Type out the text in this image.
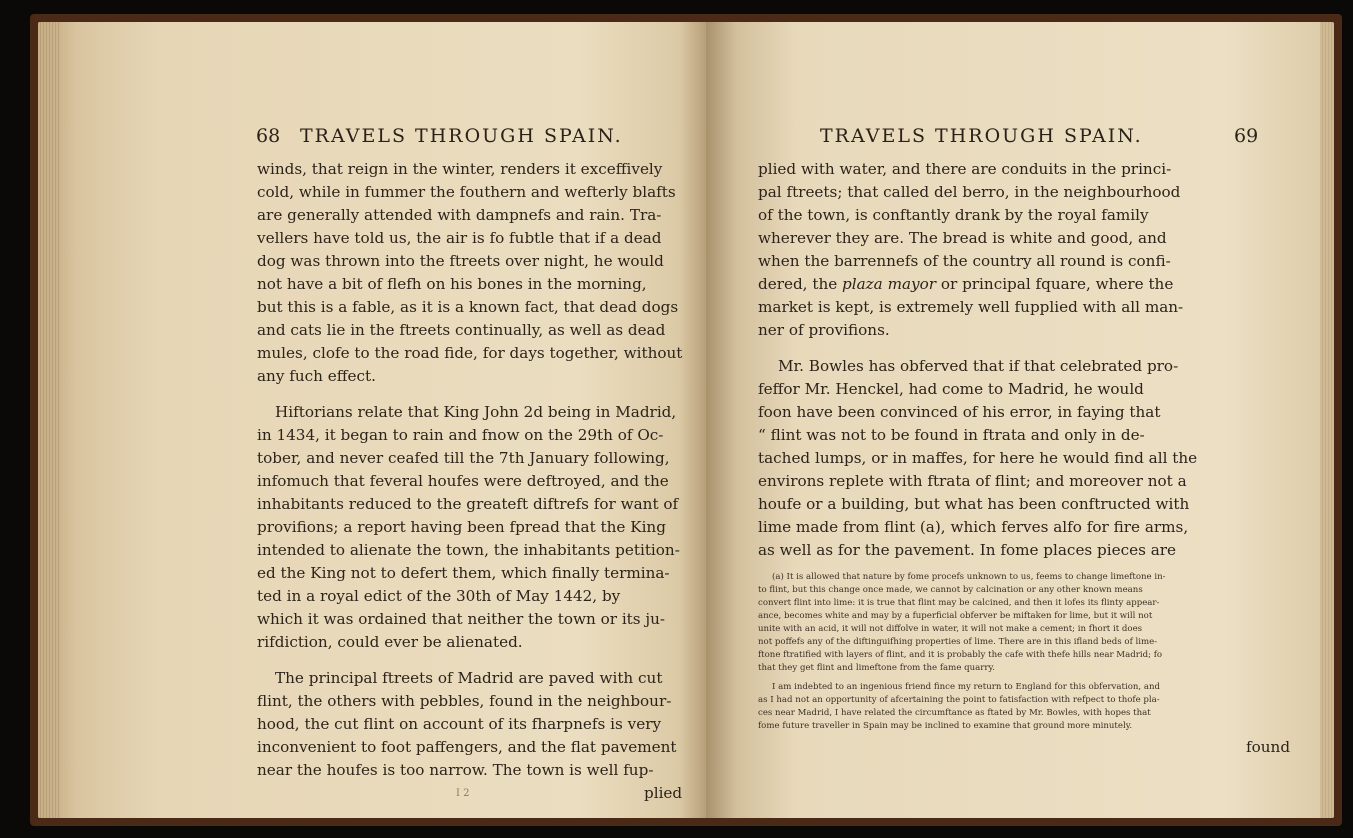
68 TRAVELS THROUGH SPAIN.
winds, that reign in the winter, renders it exceffively
cold, while in fummer the fouthern and wefterly blafts
are generally attended with dampnefs and rain. Tra-
vellers have told us, the air is fo fubtle that if a dead
dog was thrown into the ftreets over night, he would
not have a bit of flefh on his bones in the morning,
but this is a fable, as it is a known fact, that dead dogs
and cats lie in the ftreets continually, as well as dead
mules, clofe to the road fide, for days together, without
any fuch effect.
Hiftorians relate that King John 2d being in Madrid,
in 1434, it began to rain and fnow on the 29th of Oc-
tober, and never ceafed till the 7th January following,
infomuch that feveral houfes were deftroyed, and the
inhabitants reduced to the greateft diftrefs for want of
provifions; a report having been fpread that the King
intended to alienate the town, the inhabitants petition-
ed the King not to defert them, which finally termina-
ted in a royal edict of the 30th of May 1442, by
which it was ordained that neither the town or its ju-
rifdiction, could ever be alienated.
The principal ftreets of Madrid are paved with cut
flint, the others with pebbles, found in the neighbour-
hood, the cut flint on account of its fharpnefs is very
inconvenient to foot paffengers, and the flat pavement
near the houfes is too narrow. The town is well fup-
I 2	plied
TRAVELS THROUGH SPAIN.	69
plied with water, and there are conduits in the princi-
pal ftreets; that called del berro, in the neighbourhood
of the town, is conftantly drank by the royal family
wherever they are. The bread is white and good, and
when the barrennefs of the country all round is confi-
dered, the plaza mayor or principal fquare, where the
market is kept, is extremely well fupplied with all man-
ner of provifions.
Mr. Bowles has obferved that if that celebrated pro-
feffor Mr. Henckel, had come to Madrid, he would
foon have been convinced of his error, in faying that
“ flint was not to be found in ftrata and only in de-
tached lumps, or in maffes, for here he would find all the
environs replete with ftrata of flint; and moreover not a
houfe or a building, but what has been conftructed with
lime made from flint (a), which ferves alfo for fire arms,
as well as for the pavement. In fome places pieces are
(a) It is allowed that nature by fome procefs unknown to us, feems to change limeftone in-
to flint, but this change once made, we cannot by calcination or any other known means
convert flint into lime: it is true that flint may be calcined, and then it lofes its flinty appear-
ance, becomes white and may by a fuperficial obferver be miftaken for lime, but it will not
unite with an acid, it will not diffolve in water, it will not make a cement; in fhort it does
not poffefs any of the diftinguifhing properties of lime. There are in this ifland beds of lime-
ftone ftratified with layers of flint, and it is probably the cafe with thefe hills near Madrid; fo
that they get flint and limeftone from the fame quarry.
I am indebted to an ingenious friend fince my return to England for this obfervation, and
as I had not an opportunity of afcertaining the point to fatisfaction with refpect to thofe pla-
ces near Madrid, I have related the circumftance as ftated by Mr. Bowles, with hopes that
fome future traveller in Spain may be inclined to examine that ground more minutely.
found
